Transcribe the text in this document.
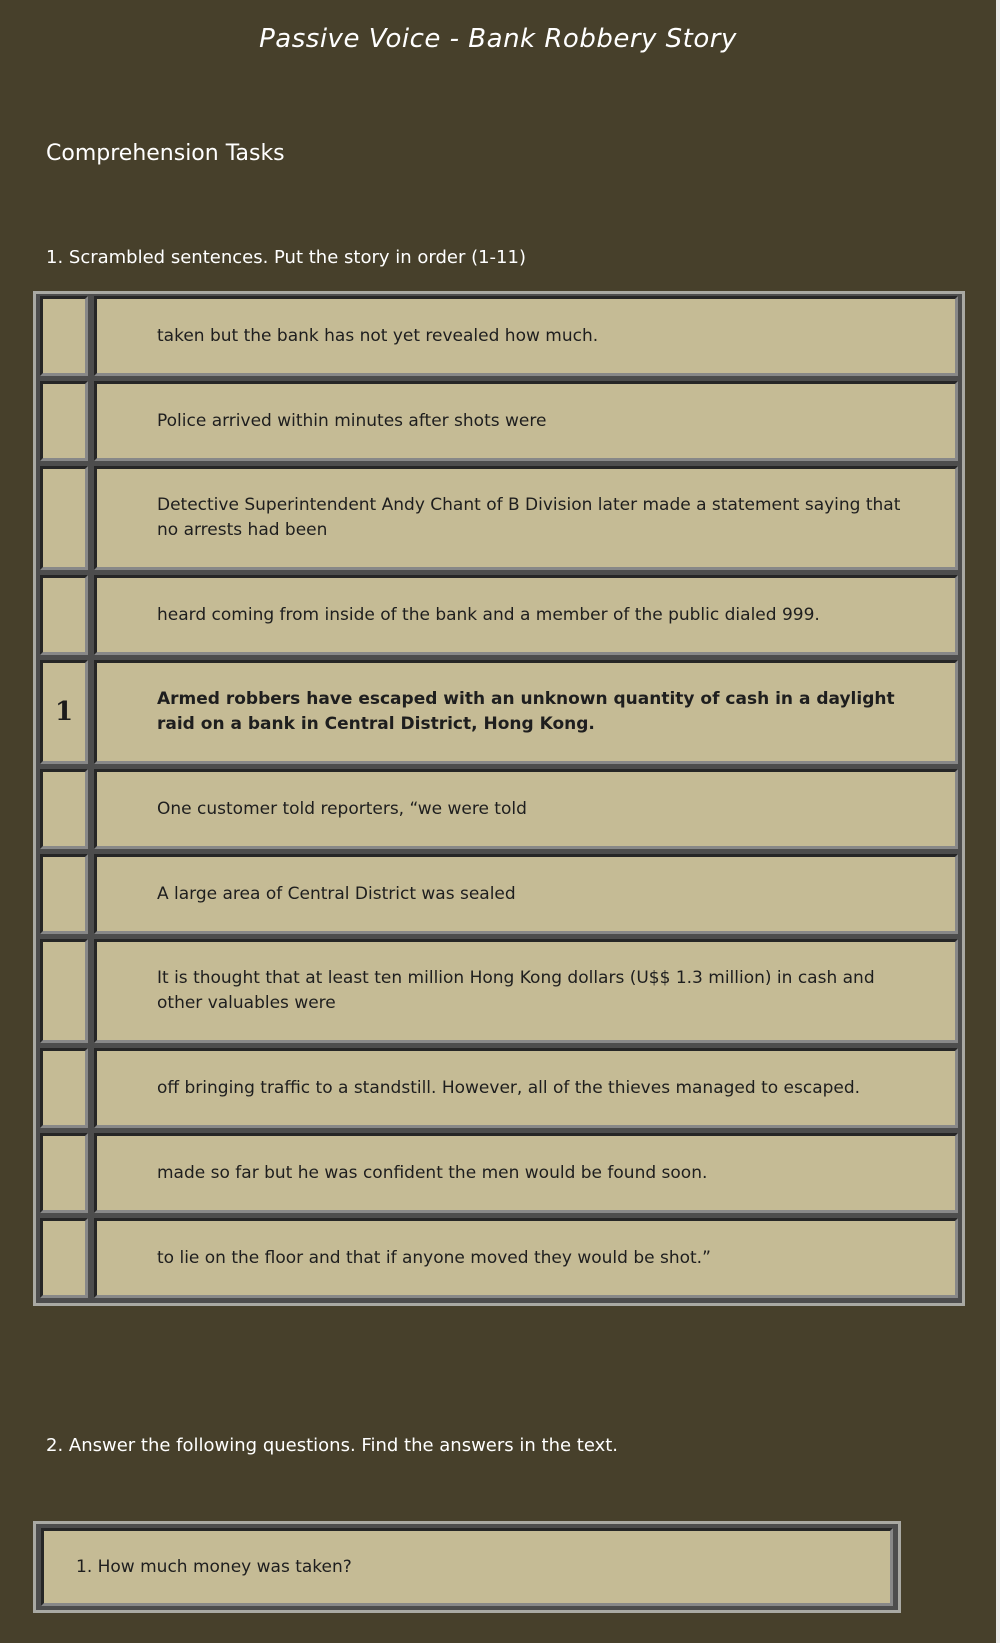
Passive Voice - Bank Robbery Story
Comprehension Tasks
1. Scrambled sentences. Put the story in order (1-11)
taken but the bank has not yet revealed how much.
Police arrived within minutes after shots were
Detective Superintendent Andy Chant of B Division later made a statement saying that no arrests had been
heard coming from inside of the bank and a member of the public dialed 999.
1	Armed robbers have escaped with an unknown quantity of cash in a daylight raid on a bank in Central District, Hong Kong.
One customer told reporters, “we were told
A large area of Central District was sealed
It is thought that at least ten million Hong Kong dollars (U$$ 1.3 million) in cash and other valuables were
off bringing traffic to a standstill. However, all of the thieves managed to escaped.
made so far but he was confident the men would be found soon.
to lie on the floor and that if anyone moved they would be shot.”
2. Answer the following questions. Find the answers in the text.
1. How much money was taken?
